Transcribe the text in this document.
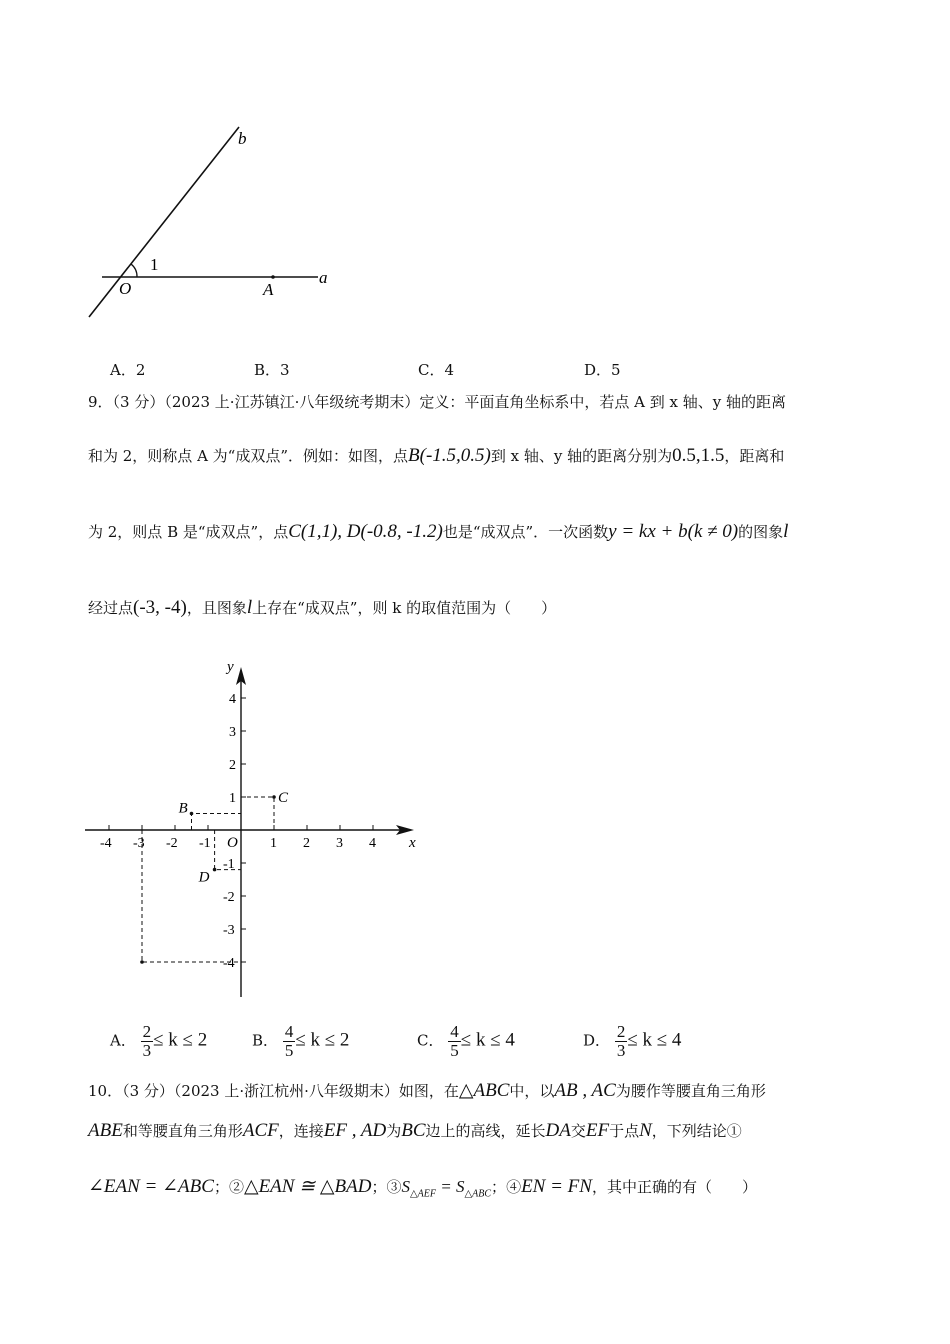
b
1
O	A
a
A．2	B．3	C．4	D．5
9．（3 分）（2023 上·江苏镇江·八年级统考期末）定义：平面直角坐标系中，若点 A 到 x 轴、y 轴的距离
和为 2，则称点 A 为“成双点”．例如：如图，点B(-1.5,0.5)到 x 轴、y 轴的距离分别为0.5,1.5，距离和
为 2，则点 B 是“成双点”，点C(1,1), D(-0.8, -1.2)也是“成双点”．一次函数y = kx + b(k ≠ 0)的图象l
经过点(-3, -4)，且图象l上存在“成双点”，则 k 的取值范围为（　　）
x
y
O
-4 -3 -2 -1	1 2 3 4
4
3
2
1
-1
-2
-3
-4
B
C
D
A． $\frac{2}{3} \le k \le 2$	B． $\frac{4}{5} \le k \le 2$	C． $\frac{4}{5} \le k \le 4$	D． $\frac{2}{3} \le k \le 4$
10．（3 分）（2023 上·浙江杭州·八年级期末）如图，在△ABC中，以AB , AC为腰作等腰直角三角形
ABE和等腰直角三角形ACF，连接EF , AD为BC边上的高线，延长DA交EF于点N，下列结论①
∠EAN = ∠ABC；②△EAN ≅ △BAD；$③S_{\triangle AEF} = S_{\triangle ABC}$；④EN = FN，其中正确的有（　　）
